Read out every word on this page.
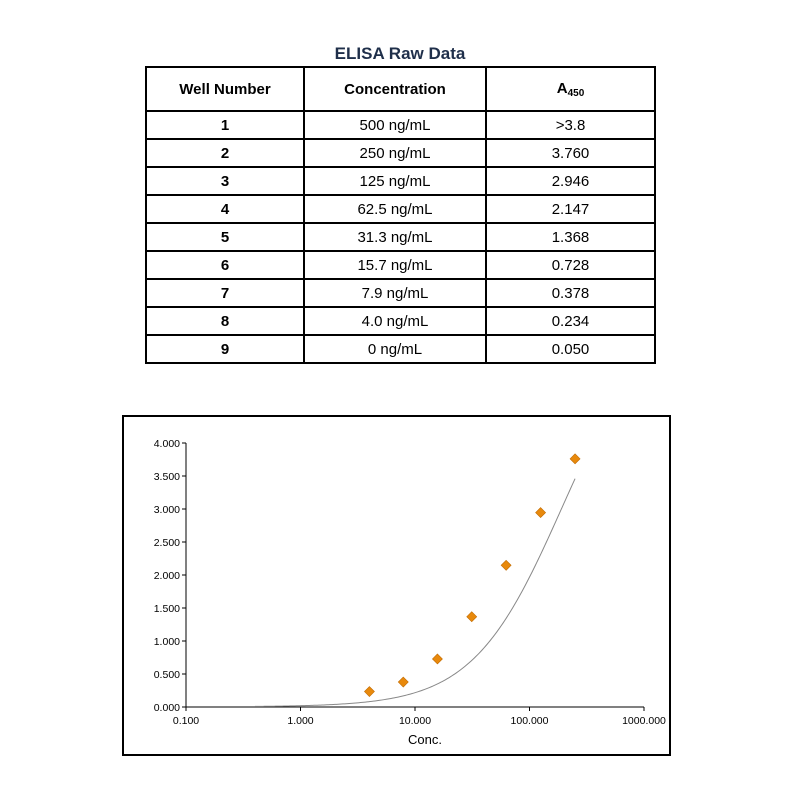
ELISA Raw Data
Well Number	Concentration	$A_{450}$
1	500 ng/mL	>3.8
2	250 ng/mL	3.760
3	125 ng/mL	2.946
4	62.5 ng/mL	2.147
5	31.3 ng/mL	1.368
6	15.7 ng/mL	0.728
7	7.9 ng/mL	0.378
8	4.0 ng/mL	0.234
9	0 ng/mL	0.050
0.000
0.500
1.000
1.500
2.000
2.500
3.000
3.500
4.000
0.100	1.000	10.000	100.000	1000.000
Conc.
